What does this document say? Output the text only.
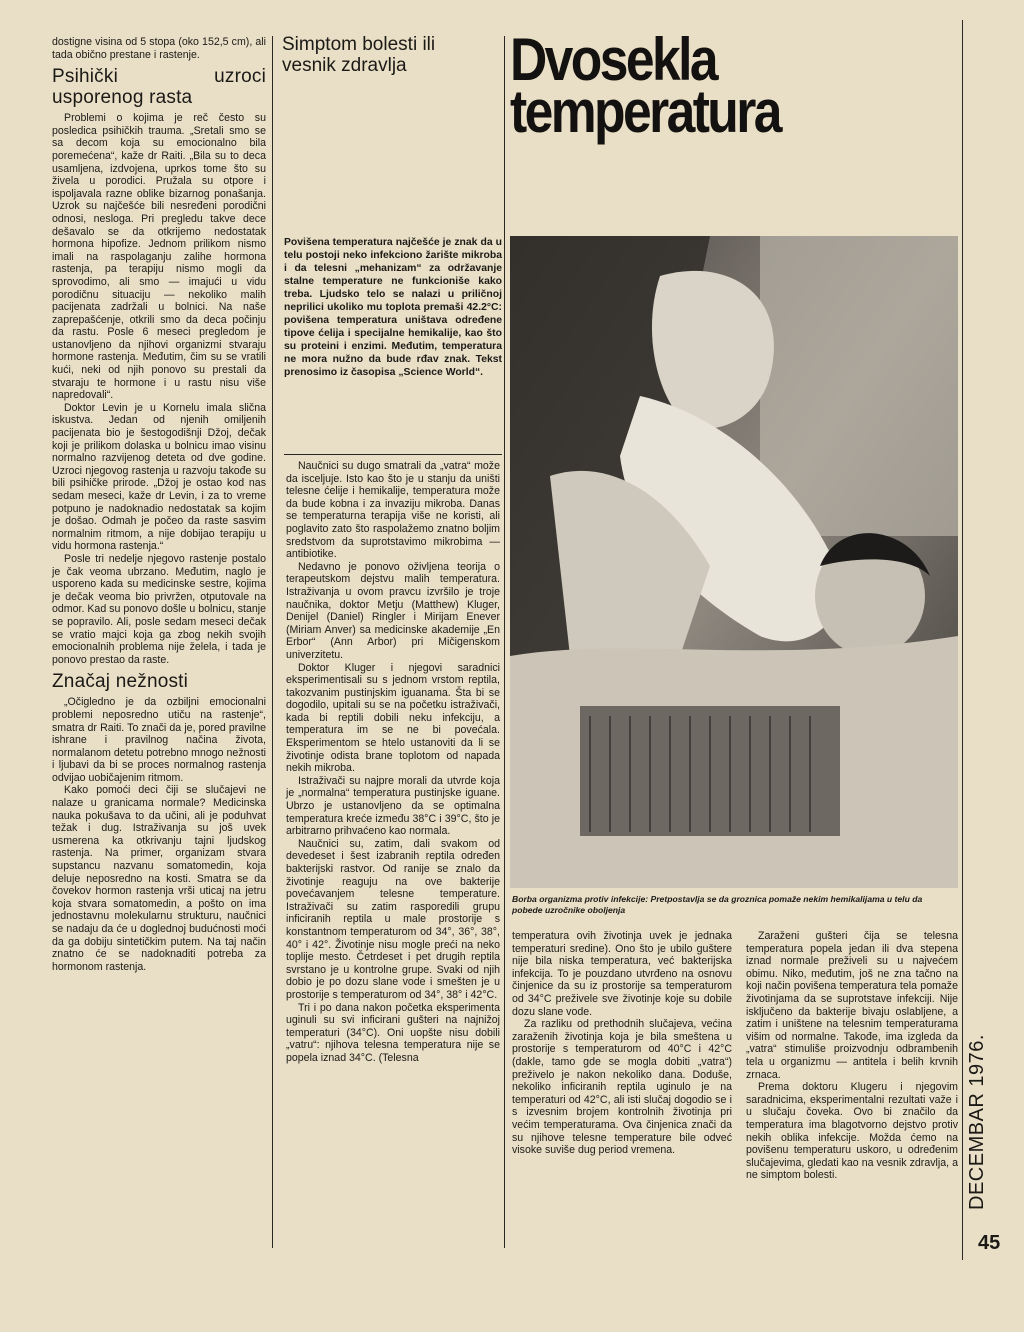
dostigne visina od 5 stopa (oko 152,5 cm), ali tada obično prestane i rastenje.

Psihički uzroci usporenog rasta

Problemi o kojima je reč često su posledica psihičkih trauma. „Sretali smo se sa decom koja su emocionalno bila poremećena“, kaže dr Raiti. „Bila su to deca usamljena, izdvojena, uprkos tome što su živela u porodici. Pružala su otpore i ispoljavala razne oblike bizarnog ponašanja. Uzrok su najčešće bili nesređeni porodični odnosi, nesloga. Pri pregledu takve dece dešavalo se da otkrijemo nedostatak hormona hipofize. Jednom prilikom nismo imali na raspolaganju zalihe hormona rastenja, pa terapiju nismo mogli da sprovodimo, ali smo — imajući u vidu porodičnu situaciju — nekoliko malih pacijenata zadržali u bolnici. Na naše zaprepašćenje, otkrili smo da deca počinju da rastu. Posle 6 meseci pregledom je ustanovljeno da njihovi organizmi stvaraju hormone rastenja. Međutim, čim su se vratili kući, neki od njih ponovo su prestali da stvaraju te hormone i u rastu nisu više napredovali“.

Doktor Levin je u Kornelu imala slična iskustva. Jedan od njenih omiljenih pacijenata bio je šestogodišnji Džoj, dečak koji je prilikom dolaska u bolnicu imao visinu normalno razvijenog deteta od dve godine. Uzroci njegovog rastenja u razvoju takođe su bili psihičke prirode. „Džoj je ostao kod nas sedam meseci, kaže dr Levin, i za to vreme potpuno je nadoknadio nedostatak sa kojim je došao. Odmah je počeo da raste sasvim normalnim ritmom, a nije dobijao terapiju u vidu hormona rastenja.“

Posle tri nedelje njegovo rastenje postalo je čak veoma ubrzano. Međutim, naglo je usporeno kada su medicinske sestre, kojima je dečak veoma bio privržen, otputovale na odmor. Kad su ponovo došle u bolnicu, stanje se popravilo. Ali, posle sedam meseci dečak se vratio majci koja ga zbog nekih svojih emocionalnih problema nije želela, i tada je ponovo prestao da raste.

Značaj nežnosti

„Očigledno je da ozbiljni emocionalni problemi neposredno utiču na rastenje“, smatra dr Raiti. To znači da je, pored pravilne ishrane i pravilnog načina života, normalanom detetu potrebno mnogo nežnosti i ljubavi da bi se proces normalnog rastenja odvijao uobičajenim ritmom.

Kako pomoći deci čiji se slučajevi ne nalaze u granicama normale? Medicinska nauka pokušava to da učini, ali je poduhvat težak i dug. Istraživanja su još uvek usmerena ka otkrivanju tajni ljudskog rastenja. Na primer, organizam stvara supstancu nazvanu somatomedin, koja deluje neposredno na kosti. Smatra se da čovekov hormon rastenja vrši uticaj na jetru koja stvara somatomedin, a pošto on ima jednostavnu molekularnu strukturu, naučnici se nadaju da će u doglednoj budućnosti moći da ga dobiju sintetičkim putem. Na taj način znatno će se nadoknaditi potreba za hormonom rastenja.

Simptom bolesti ili vesnik zdravlja	Dvosekla
temperatura
Povišena temperatura najčešće je znak da u telu postoji neko infekciono žarište mikroba i da telesni „mehanizam“ za održavanje stalne temperature ne funkcioniše kako treba. Ljudsko telo se nalazi u priličnoj neprilici ukoliko mu toplota premaši 42.2°C: povišena temperatura uništava određene tipove ćelija i specijalne hemikalije, kao što su proteini i enzimi. Međutim, temperatura ne mora nužno da bude rđav znak. Tekst prenosimo iz časopisa „Science World“.

Naučnici su dugo smatrali da „vatra“ može da isceljuje. Isto kao što je u stanju da uništi telesne ćelije i hemikalije, temperatura može da bude kobna i za invaziju mikroba. Danas se temperaturna terapija više ne koristi, ali poglavito zato što raspolažemo znatno boljim sredstvom da suprotstavimo mikrobima — antibiotike.

Nedavno je ponovo oživljena teorija o terapeutskom dejstvu malih temperatura. Istraživanja u ovom pravcu izvršilo je troje naučnika, doktor Metju (Matthew) Kluger, Denijel (Daniel) Ringler i Mirijam Enever (Miriam Anver) sa medicinske akademije „En Erbor“ (Ann Arbor) pri Mičigenskom univerzitetu.

Doktor Kluger i njegovi saradnici eksperimentisali su s jednom vrstom reptila, takozvanim pustinjskim iguanama. Šta bi se dogodilo, upitali su se na početku istraživači, kada bi reptili dobili neku infekciju, a temperatura im se ne bi povećala. Eksperimentom se htelo ustanoviti da li se životinje odista brane toplotom od napada nekih mikroba.

Istraživači su najpre morali da utvrde koja je „normalna“ temperatura pustinjske iguane. Ubrzo je ustanovljeno da se optimalna temperatura kreće između 38°C i 39°C, što je arbitrarno prihvaćeno kao normala.

Naučnici su, zatim, dali svakom od devedeset i šest izabranih reptila određen bakterijski rastvor. Od ranije se znalo da životinje reaguju na ove bakterije povećavanjem telesne temperature. Istraživači su zatim rasporedili grupu inficiranih reptila u male prostorije s konstantnom temperaturom od 34°, 36°, 38°, 40° i 42°. Životinje nisu mogle preći na neko toplije mesto. Četrdeset i pet drugih reptila svrstano je u kontrolne grupe. Svaki od njih dobio je po dozu slane vode i smešten je u prostorije s temperaturom od 34°, 38° i 42°C.

Tri i po dana nakon početka eksperimenta uginuli su svi inficirani gušteri na najnižoj temperaturi (34°C). Oni uopšte nisu dobili „vatru“: njihova telesna temperatura nije se popela iznad 34°C. (Telesna

Borba organizma protiv infekcije: Pretpostavlja se da groznica pomaže nekim hemikalijama u telu da pobede uzročnike oboljenja

temperatura ovih životinja uvek je jednaka temperaturi sredine). Ono što je ubilo guštere nije bila niska temperatura, već bakterijska infekcija. To je pouzdano utvrđeno na osnovu činjenice da su iz prostorije sa temperaturom od 34°C preživele sve životinje koje su dobile dozu slane vode.

Za razliku od prethodnih slučajeva, većina zaraženih životinja koja je bila smeštena u prostorije s temperaturom od 40°C i 42°C (dakle, tamo gde se mogla dobiti „vatra“) preživelo je nakon nekoliko dana. Doduše, nekoliko inficiranih reptila uginulo je na temperaturi od 42°C, ali isti slučaj dogodio se i s izvesnim brojem kontrolnih životinja pri većim temperaturama. Ova činjenica znači da su njihove telesne temperature bile odveć visoke suviše dug period vremena.

Zaraženi gušteri čija se telesna temperatura popela jedan ili dva stepena iznad normale preživeli su u najvećem obimu. Niko, međutim, još ne zna tačno na koji način povišena temperatura tela pomaže životinjama da se suprotstave infekciji. Nije isključeno da bakterije bivaju oslabljene, a zatim i uništene na telesnim temperaturama višim od normalne. Takođe, ima izgleda da „vatra“ stimuliše proizvodnju odbrambenih tela u organizmu — antitela i belih krvnih zrnaca.

Prema doktoru Klugeru i njegovim saradnicima, eksperimentalni rezultati važe i u slučaju čoveka. Ovo bi značilo da temperatura ima blagotvorno dejstvo protiv nekih oblika infekcije. Možda ćemo na povišenu temperaturu uskoro, u određenim slučajevima, gledati kao na vesnik zdravlja, a ne simptom bolesti.	DECEMBAR 1976.
45
